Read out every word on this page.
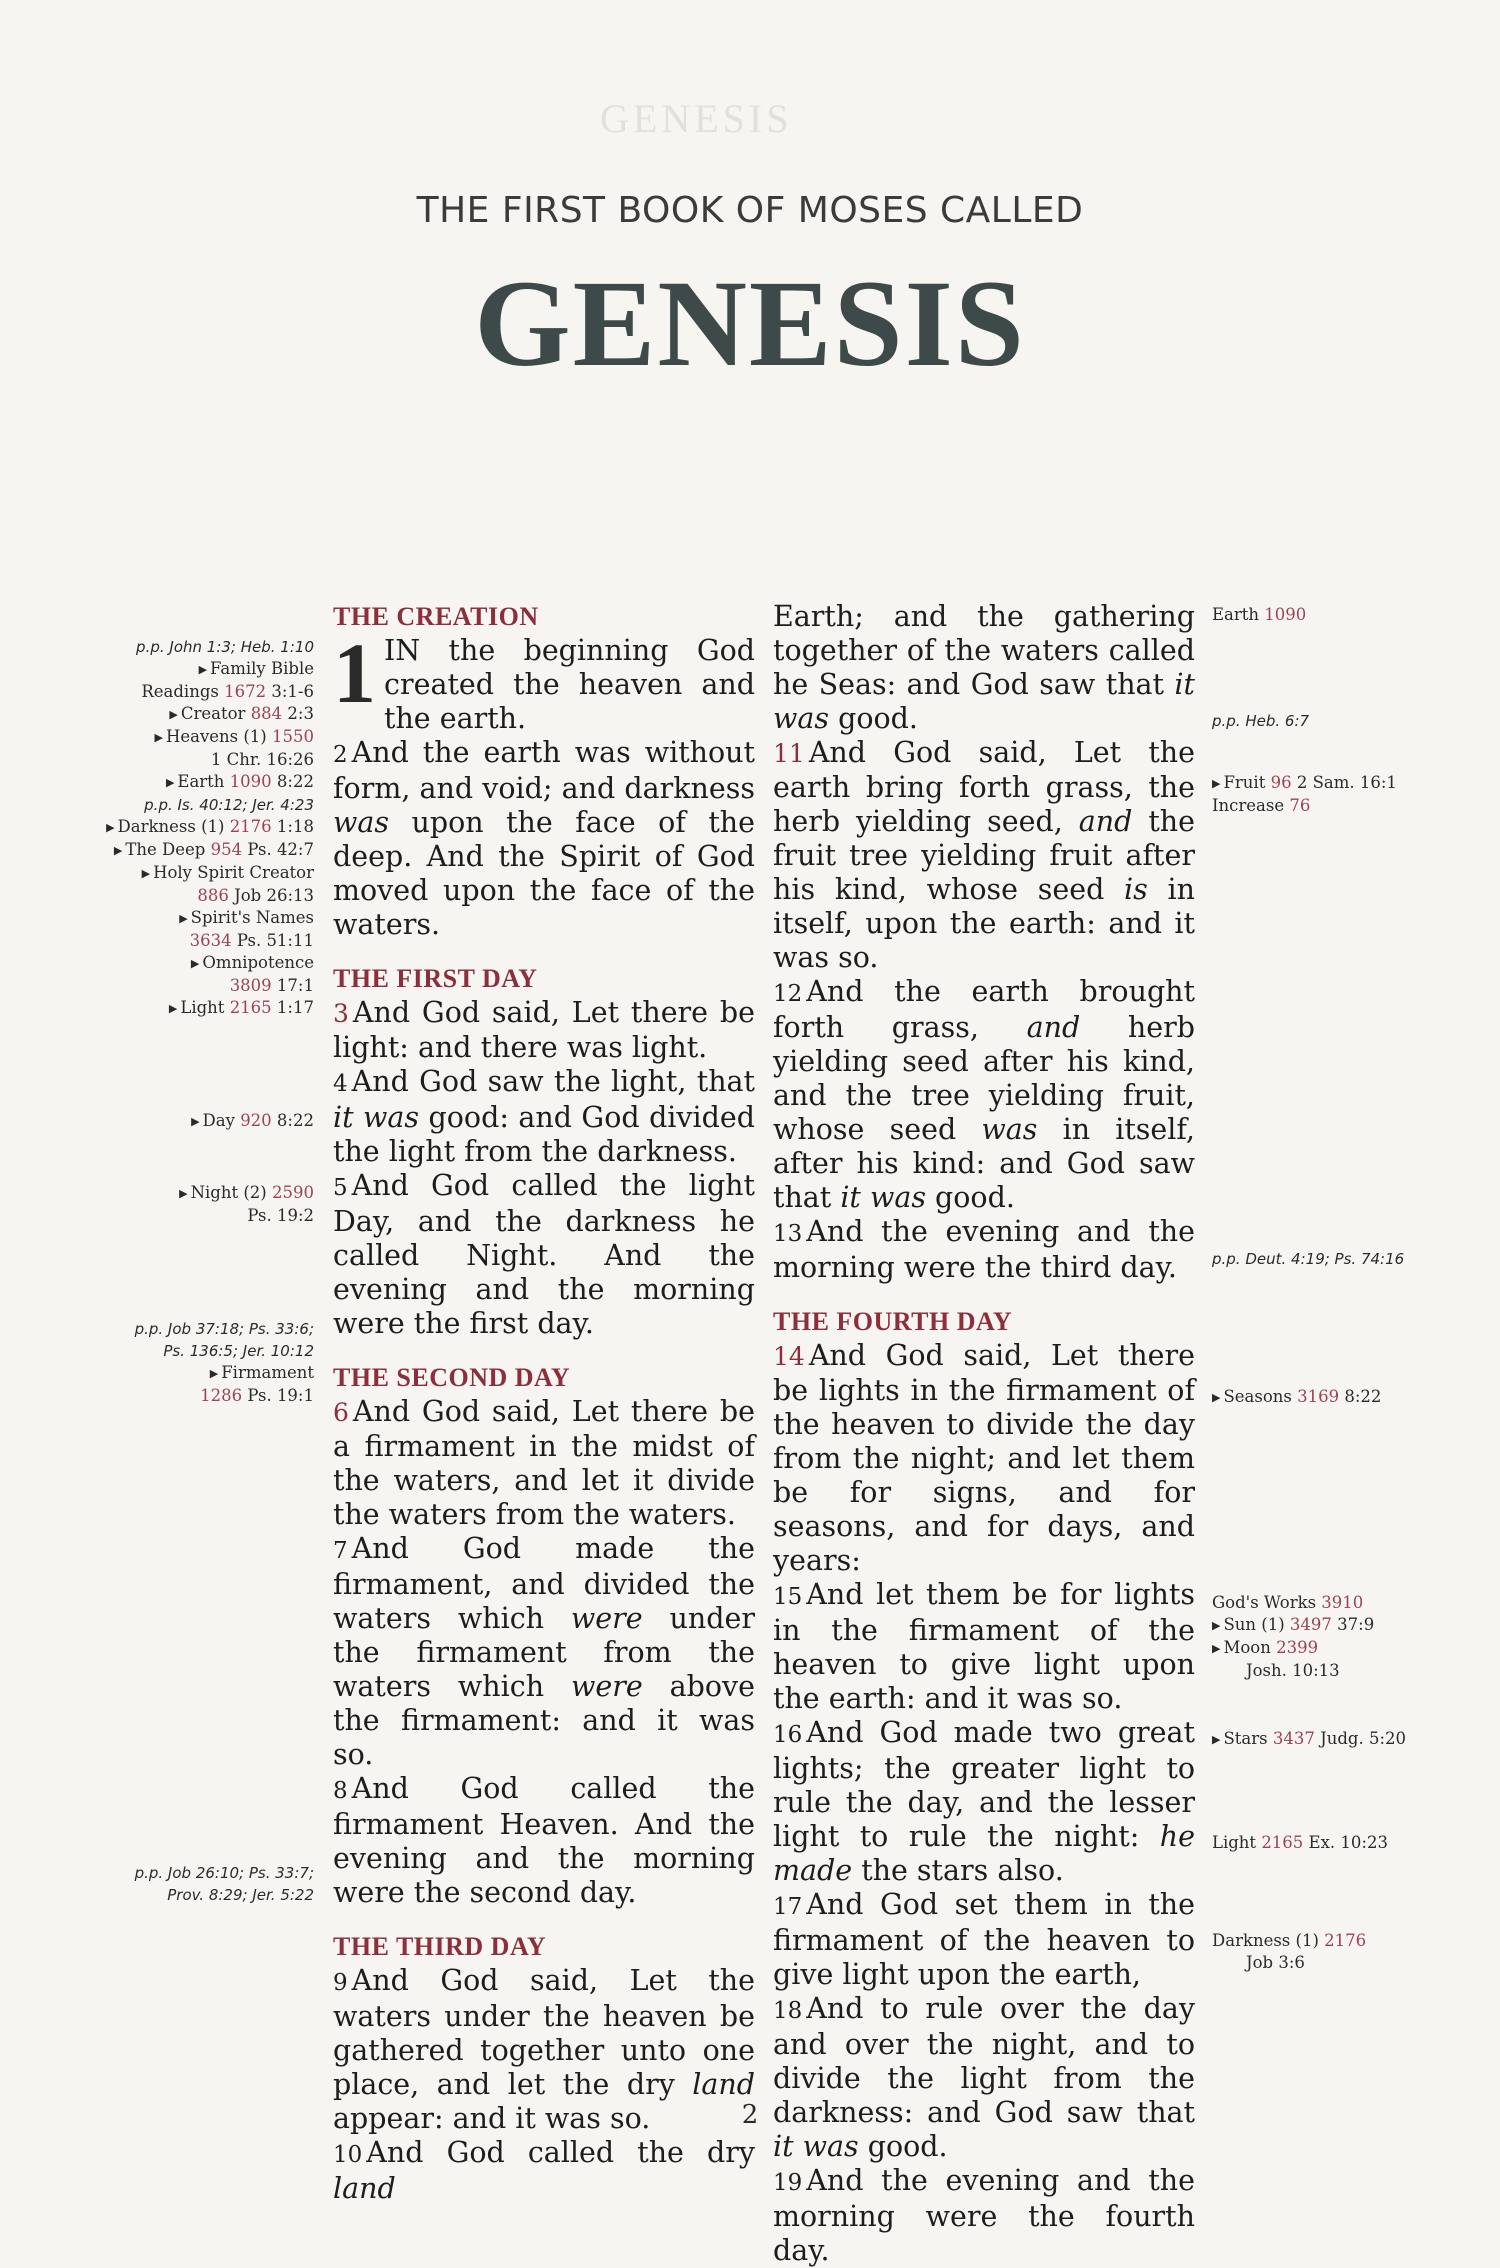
GENESIS
THE FIRST BOOK OF MOSES CALLED
GENESIS
THE CREATION

1 IN the beginning God created the heaven and the earth.

2 And the earth was without form, and void; and darkness was upon the face of the deep. And the Spirit of God moved upon the face of the waters.

THE FIRST DAY

3 And God said, Let there be light: and there was light.

4 And God saw the light, that it was good: and God divided the light from the darkness.

5 And God called the light Day, and the darkness he called Night. And the evening and the morning were the first day.

THE SECOND DAY

6 And God said, Let there be a firmament in the midst of the waters, and let it divide the waters from the waters.

7 And God made the firmament, and divided the waters which were under the firmament from the waters which were above the firmament: and it was so.

8 And God called the firmament Heaven. And the evening and the morning were the second day.

THE THIRD DAY

9 And God said, Let the waters under the heaven be gathered together unto one place, and let the dry land appear: and it was so.

10 And God called the dry land

Earth; and the gathering together of the waters called he Seas: and God saw that it was good.

11 And God said, Let the earth bring forth grass, the herb yielding seed, and the fruit tree yielding fruit after his kind, whose seed is in itself, upon the earth: and it was so.

12 And the earth brought forth grass, and herb yielding seed after his kind, and the tree yielding fruit, whose seed was in itself, after his kind: and God saw that it was good.

13 And the evening and the morning were the third day.

THE FOURTH DAY

14 And God said, Let there be lights in the firmament of the heaven to divide the day from the night; and let them be for signs, and for seasons, and for days, and years:

15 And let them be for lights in the firmament of the heaven to give light upon the earth: and it was so.

16 And God made two great lights; the greater light to rule the day, and the lesser light to rule the night: he made the stars also.

17 And God set them in the firmament of the heaven to give light upon the earth,

18 And to rule over the day and over the night, and to divide the light from the darkness: and God saw that it was good.

19 And the evening and the morning were the fourth day.

p.p. John 1:3; Heb. 1:10
▶ Family Bible
Readings 1672 3:1-6
▶ Creator 884 2:3
▶ Heavens (1) 1550
1 Chr. 16:26
▶ Earth 1090 8:22
p.p. Is. 40:12; Jer. 4:23
▶ Darkness (1) 2176 1:18
▶ The Deep 954 Ps. 42:7
▶ Holy Spirit Creator
886 Job 26:13
▶ Spirit's Names
3634 Ps. 51:11
▶ Omnipotence
3809 17:1
▶ Light 2165 1:17
▶ Day 920 8:22
▶ Night (2) 2590
Ps. 19:2
p.p. Job 37:18; Ps. 33:6;
Ps. 136:5; Jer. 10:12
▶ Firmament
1286 Ps. 19:1
p.p. Job 26:10; Ps. 33:7;
Prov. 8:29; Jer. 5:22
Earth 1090
p.p. Heb. 6:7
▶ Fruit 96 2 Sam. 16:1
Increase 76
p.p. Deut. 4:19; Ps. 74:16
▶ Seasons 3169 8:22
God's Works 3910
▶ Sun (1) 3497 37:9
▶ Moon 2399
Josh. 10:13
▶ Stars 3437 Judg. 5:20
Light 2165 Ex. 10:23
Darkness (1) 2176
Job 3:6
2
